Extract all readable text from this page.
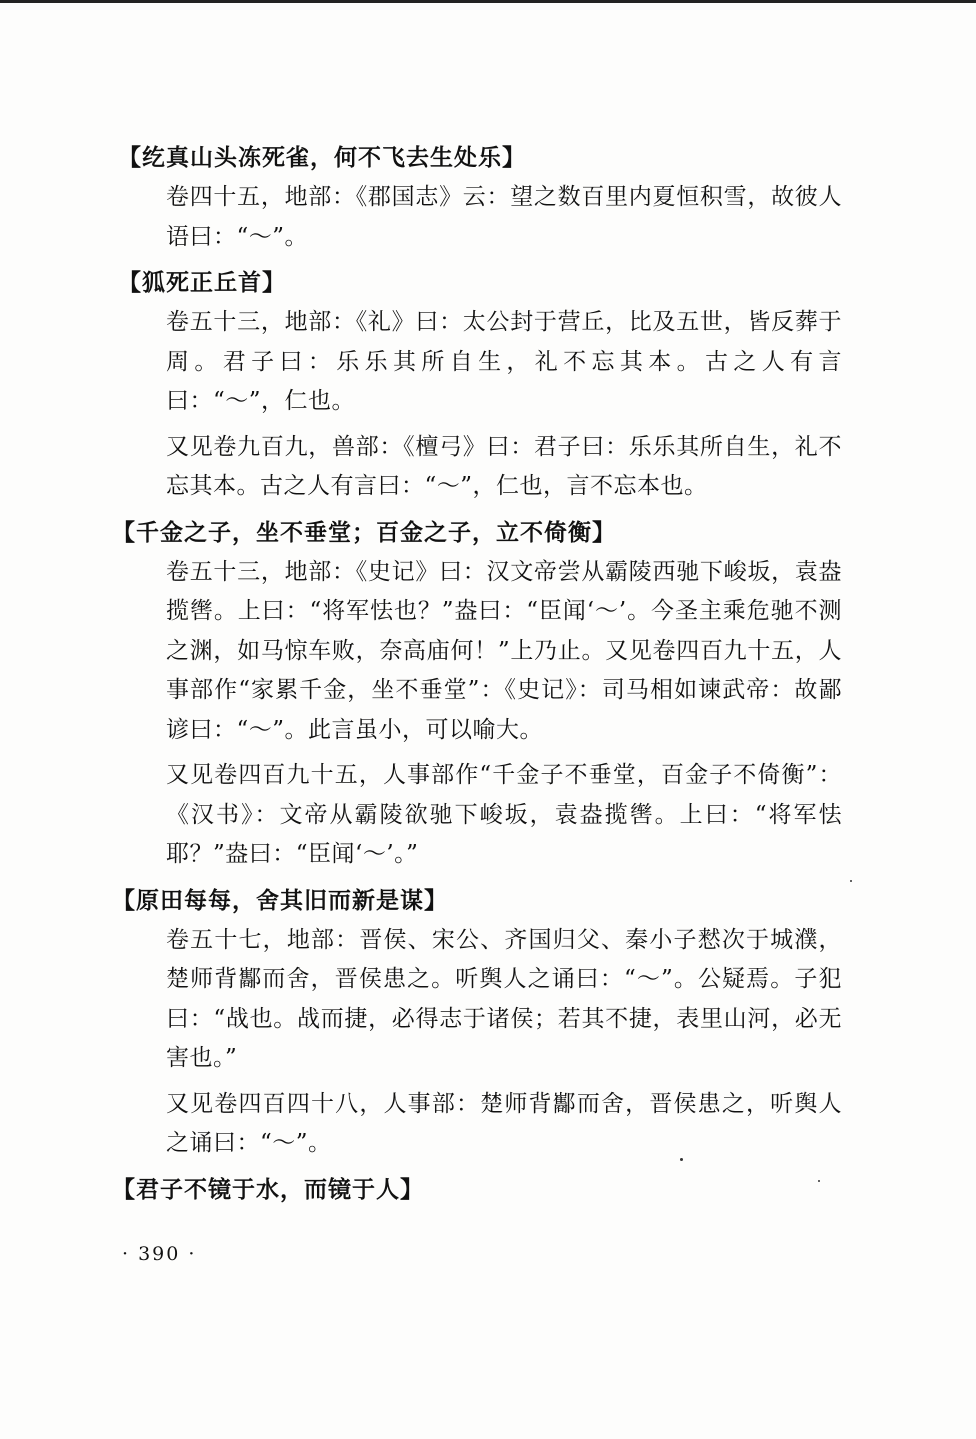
【纥真山头冻死雀，何不飞去生处乐】

卷四十五，地部：《郡国志》云：望之数百里内夏恒积雪，故彼人语曰：“～”。

【狐死正丘首】

卷五十三，地部：《礼》曰：太公封于营丘，比及五世，皆反葬于周。君子曰：乐乐其所自生，礼不忘其本。古之人有言曰：“～”，仁也。

又见卷九百九，兽部：《檀弓》曰：君子曰：乐乐其所自生，礼不忘其本。古之人有言曰：“～”，仁也，言不忘本也。

【千金之子，坐不垂堂；百金之子，立不倚衡】

卷五十三，地部：《史记》曰：汉文帝尝从霸陵西驰下峻坂，袁盎揽辔。上曰：“将军怯也？”盎曰：“臣闻‘～’。今圣主乘危驰不测之渊，如马惊车败，奈高庙何！”上乃止。又见卷四百九十五，人事部作“家累千金，坐不垂堂”：《史记》：司马相如谏武帝：故鄙谚曰：“～”。此言虽小，可以喻大。

又见卷四百九十五，人事部作“千金子不垂堂，百金子不倚衡”：《汉书》：文帝从霸陵欲驰下峻坂，袁盎揽辔。上曰：“将军怯耶？”盎曰：“臣闻‘～’。”

【原田每每，舍其旧而新是谋】

卷五十七，地部：晋侯、宋公、齐国归父、秦小子慭次于城濮，楚师背酅而舍，晋侯患之。听舆人之诵曰：“～”。公疑焉。子犯曰：“战也。战而捷，必得志于诸侯；若其不捷，表里山河，必无害也。”

又见卷四百四十八，人事部：楚师背酅而舍，晋侯患之，听舆人之诵曰：“～”。

【君子不镜于水，而镜于人】
· 390 ·
